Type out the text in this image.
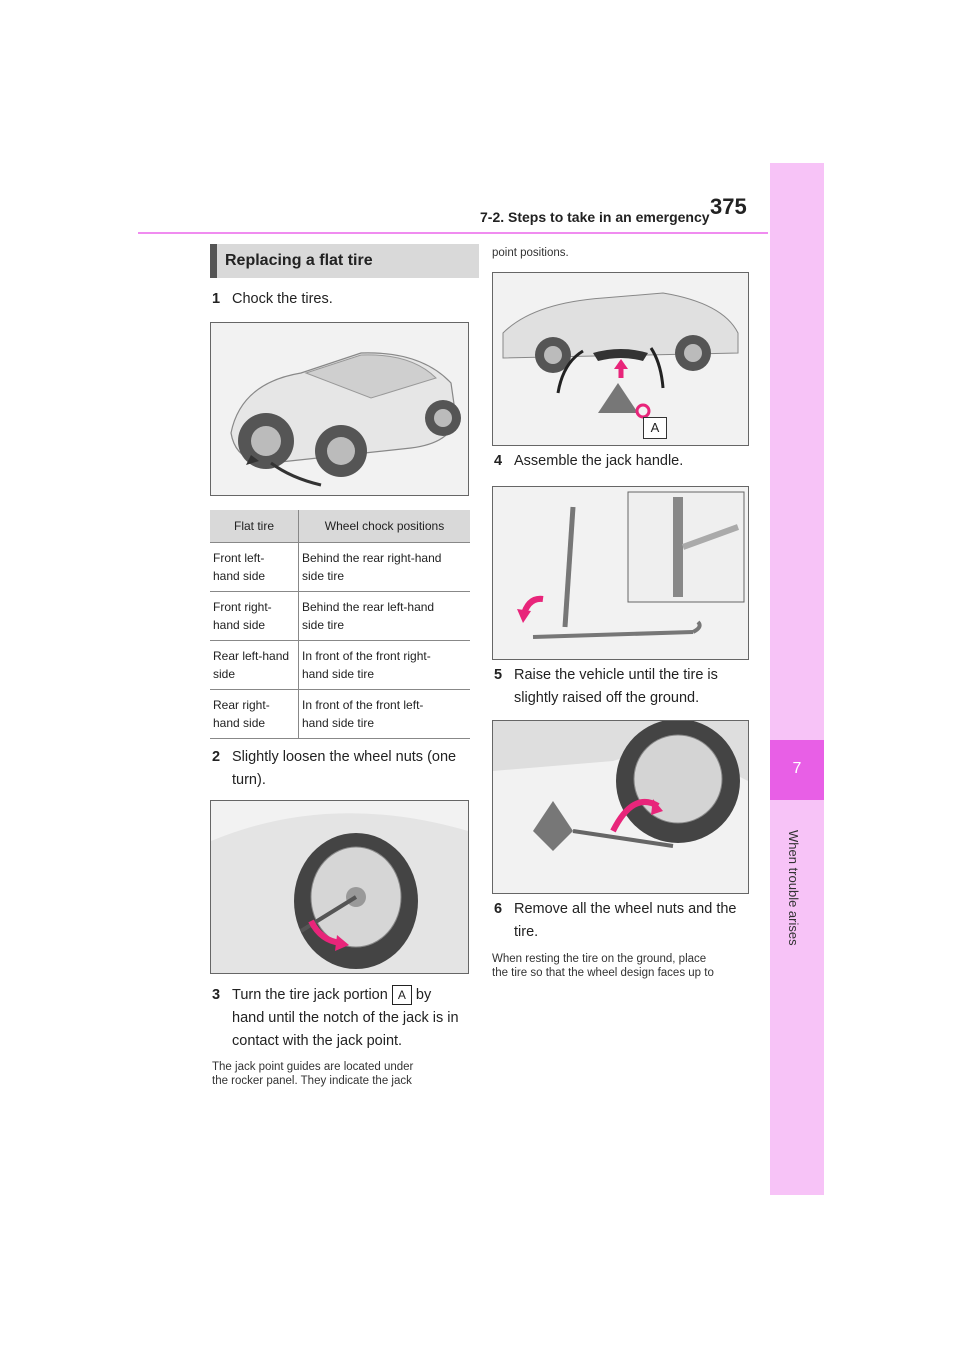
7-2. Steps to take in an emergency 375
7
When trouble arises
Replacing a flat tire
1 Chock the tires.
Flat tire	Wheel chock positions
Front left-
hand side	Behind the rear right-hand
side tire
Front right-
hand side	Behind the rear left-hand
side tire
Rear left-hand
side	In front of the front right-
hand side tire
Rear right-
hand side	In front of the front left-
hand side tire
2 Slightly loosen the wheel nuts (one
turn).
3 Turn the tire jack portion A by
hand until the notch of the jack is in
contact with the jack point.
The jack point guides are located under
the rocker panel. They indicate the jack
point positions.
A
4 Assemble the jack handle.
5 Raise the vehicle until the tire is
slightly raised off the ground.
6 Remove all the wheel nuts and the
tire.
When resting the tire on the ground, place
the tire so that the wheel design faces up to
